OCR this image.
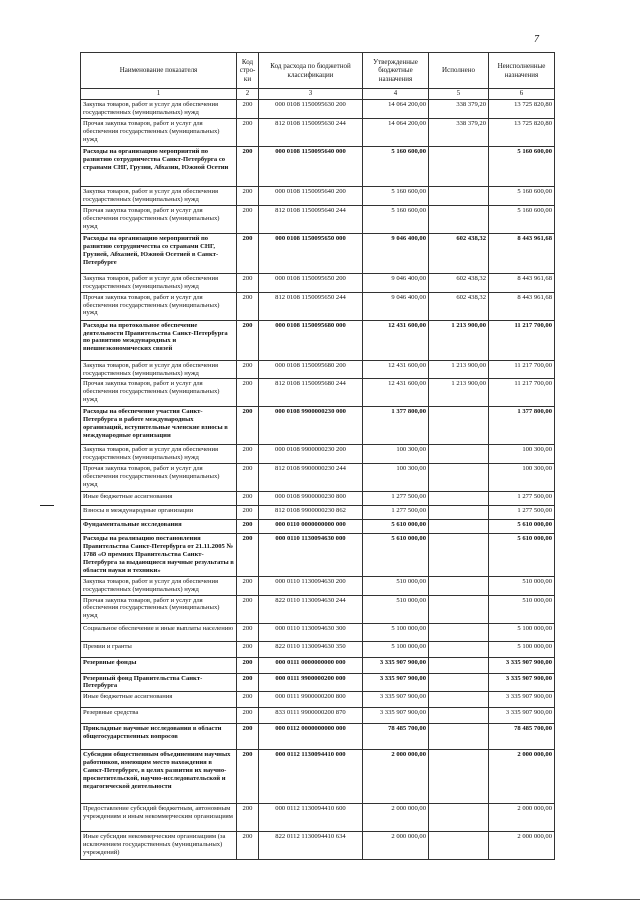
7
Наименование показателя	Код стро-ки	Код расхода по бюджетной классификации	Утвержденные бюджетные назначения	Исполнено	Неисполненные назначения
1	2	3	4	5	6
Закупка товаров, работ и услуг для обеспечения государственных (муниципальных) нужд	200	000 0108 1150095630 200	14 064 200,00	338 379,20	13 725 820,80
Прочая закупка товаров, работ и услуг для обеспечения государственных (муниципальных) нужд	200	812 0108 1150095630 244	14 064 200,00	338 379,20	13 725 820,80
Расходы на организацию мероприятий по развитию сотрудничества Санкт-Петербурга со странами СНГ, Грузии, Абхазии, Южной Осетии	200	000 0108 1150095640 000	5 160 600,00		5 160 600,00
Закупка товаров, работ и услуг для обеспечения государственных (муниципальных) нужд	200	000 0108 1150095640 200	5 160 600,00		5 160 600,00
Прочая закупка товаров, работ и услуг для обеспечения государственных (муниципальных) нужд	200	812 0108 1150095640 244	5 160 600,00		5 160 600,00
Расходы на организацию мероприятий по развитию сотрудничества со странами СНГ, Грузией, Абхазией, Южной Осетией в Санкт-Петербурге	200	000 0108 1150095650 000	9 046 400,00	602 438,32	8 443 961,68
Закупка товаров, работ и услуг для обеспечения государственных (муниципальных) нужд	200	000 0108 1150095650 200	9 046 400,00	602 438,32	8 443 961,68
Прочая закупка товаров, работ и услуг для обеспечения государственных (муниципальных) нужд	200	812 0108 1150095650 244	9 046 400,00	602 438,32	8 443 961,68
Расходы на протокольное обеспечение деятельности Правительства Санкт-Петербурга по развитию международных и внешнеэкономических связей	200	000 0108 1150095680 000	12 431 600,00	1 213 900,00	11 217 700,00
Закупка товаров, работ и услуг для обеспечения государственных (муниципальных) нужд	200	000 0108 1150095680 200	12 431 600,00	1 213 900,00	11 217 700,00
Прочая закупка товаров, работ и услуг для обеспечения государственных (муниципальных) нужд	200	812 0108 1150095680 244	12 431 600,00	1 213 900,00	11 217 700,00
Расходы на обеспечение участия Санкт-Петербурга в работе международных организаций, вступительные членские взносы в международные организации	200	000 0108 9900000230 000	1 377 800,00		1 377 800,00
Закупка товаров, работ и услуг для обеспечения государственных (муниципальных) нужд	200	000 0108 9900000230 200	100 300,00		100 300,00
Прочая закупка товаров, работ и услуг для обеспечения государственных (муниципальных) нужд	200	812 0108 9900000230 244	100 300,00		100 300,00
Иные бюджетные ассигнования	200	000 0108 9900000230 800	1 277 500,00		1 277 500,00
Взносы в международные организации	200	812 0108 9900000230 862	1 277 500,00		1 277 500,00
Фундаментальные исследования	200	000 0110 0000000000 000	5 610 000,00		5 610 000,00
Расходы на реализацию постановления Правительства Санкт-Петербурга от 21.11.2005 № 1788 «О премиях Правительства Санкт-Петербурга за выдающиеся научные результаты в области науки и техники»	200	000 0110 1130094630 000	5 610 000,00		5 610 000,00
Закупка товаров, работ и услуг для обеспечения государственных (муниципальных) нужд	200	000 0110 1130094630 200	510 000,00		510 000,00
Прочая закупка товаров, работ и услуг для обеспечения государственных (муниципальных) нужд	200	822 0110 1130094630 244	510 000,00		510 000,00
Социальное обеспечение и иные выплаты населению	200	000 0110 1130094630 300	5 100 000,00		5 100 000,00
Премии и гранты	200	822 0110 1130094630 350	5 100 000,00		5 100 000,00
Резервные фонды	200	000 0111 0000000000 000	3 335 907 900,00		3 335 907 900,00
Резервный фонд Правительства Санкт-Петербурга	200	000 0111 9900000200 000	3 335 907 900,00		3 335 907 900,00
Иные бюджетные ассигнования	200	000 0111 9900000200 800	3 335 907 900,00		3 335 907 900,00
Резервные средства	200	833 0111 9900000200 870	3 335 907 900,00		3 335 907 900,00
Прикладные научные исследования в области общегосударственных вопросов	200	000 0112 0000000000 000	78 485 700,00		78 485 700,00
Субсидии общественным объединениям научных работников, имеющим место нахождения в Санкт-Петербурге, в целях развития их научно-просветительской, научно-исследовательской и педагогической деятельности	200	000 0112 1130094410 000	2 000 000,00		2 000 000,00
Предоставление субсидий бюджетным, автономным учреждениям и иным некоммерческим организациям	200	000 0112 1130094410 600	2 000 000,00		2 000 000,00
Иные субсидии некоммерческим организациям (за исключением государственных (муниципальных) учреждений)	200	822 0112 1130094410 634	2 000 000,00		2 000 000,00
